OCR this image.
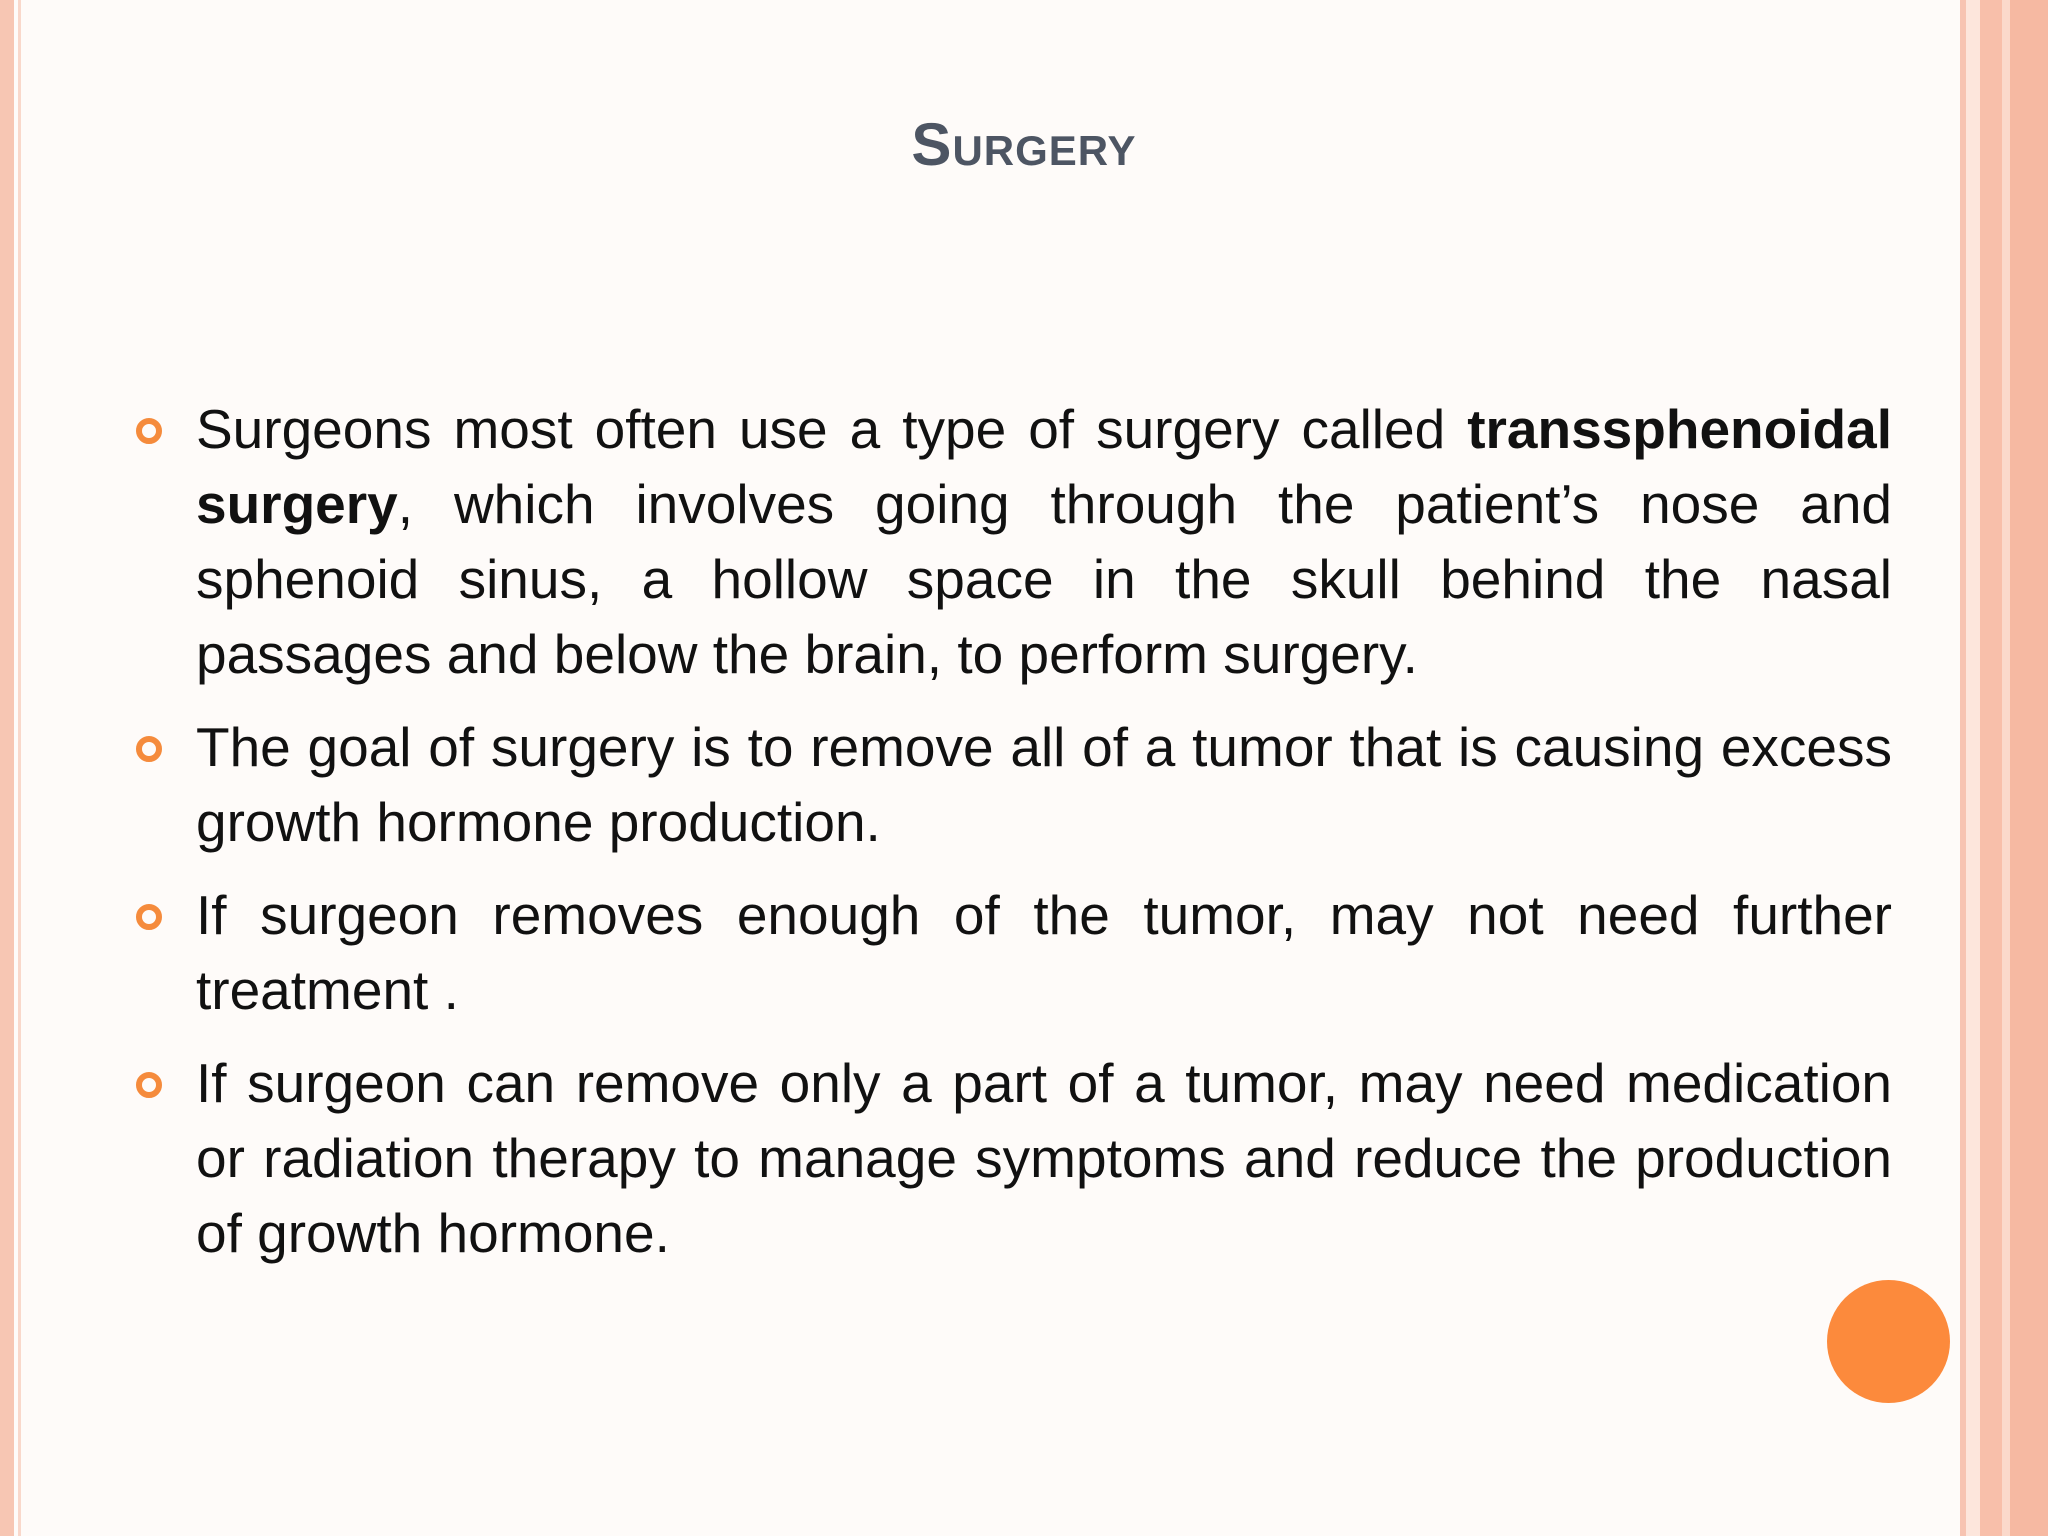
Surgery
Surgeons most often use a type of surgery called transsphenoidal surgery, which involves going through the patient’s nose and sphenoid sinus, a hollow space in the skull behind the nasal passages and below the brain, to perform surgery.
The goal of surgery is to remove all of a tumor that is causing excess growth hormone production.
If surgeon removes enough of the tumor, may not need further treatment .
If surgeon can remove only a part of a tumor, may need medication or radiation therapy to manage symptoms and reduce the production of growth hormone.
